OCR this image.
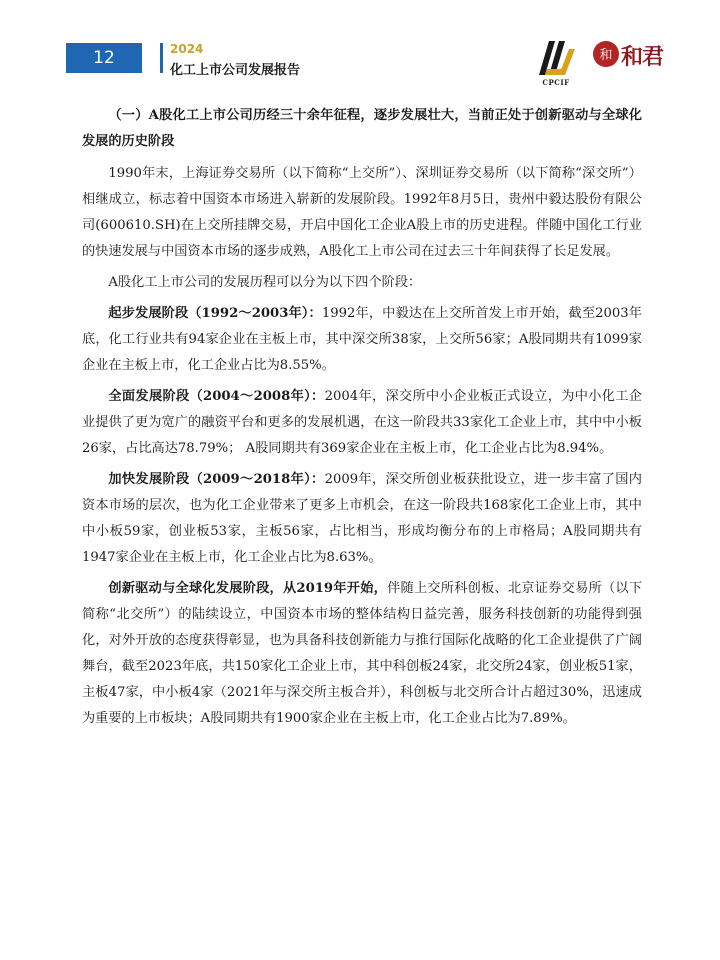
12	2024
化工上市公司发展报告
CPCIF
和 和君

（一）A股化工上市公司历经三十余年征程，逐步发展壮大，当前正处于创新驱动与全球化发展的历史阶段

1990年末，上海证券交易所（以下简称“上交所”）、深圳证券交易所（以下简称“深交所”）相继成立，标志着中国资本市场进入崭新的发展阶段。1992年8月5日，贵州中毅达股份有限公司(600610.SH)在上交所挂牌交易，开启中国化工企业A股上市的历史进程。伴随中国化工行业的快速发展与中国资本市场的逐步成熟，A股化工上市公司在过去三十年间获得了长足发展。

A股化工上市公司的发展历程可以分为以下四个阶段：

起步发展阶段（1992～2003年）：1992年，中毅达在上交所首发上市开始，截至2003年底，化工行业共有94家企业在主板上市，其中深交所38家，上交所56家；A股同期共有1099家企业在主板上市，化工企业占比为8.55%。

全面发展阶段（2004～2008年）：2004年，深交所中小企业板正式设立，为中小化工企业提供了更为宽广的融资平台和更多的发展机遇，在这一阶段共33家化工企业上市，其中中小板26家，占比高达78.79%； A股同期共有369家企业在主板上市，化工企业占比为8.94%。

加快发展阶段（2009～2018年）：2009年，深交所创业板获批设立，进一步丰富了国内资本市场的层次，也为化工企业带来了更多上市机会，在这一阶段共168家化工企业上市，其中中小板59家，创业板53家，主板56家，占比相当，形成均衡分布的上市格局；A股同期共有1947家企业在主板上市，化工企业占比为8.63%。

创新驱动与全球化发展阶段，从2019年开始，伴随上交所科创板、北京证券交易所（以下简称“北交所”）的陆续设立，中国资本市场的整体结构日益完善，服务科技创新的功能得到强化，对外开放的态度获得彰显，也为具备科技创新能力与推行国际化战略的化工企业提供了广阔舞台，截至2023年底，共150家化工企业上市，其中科创板24家，北交所24家，创业板51家，主板47家，中小板4家（2021年与深交所主板合并），科创板与北交所合计占超过30%，迅速成为重要的上市板块；A股同期共有1900家企业在主板上市，化工企业占比为7.89%。
